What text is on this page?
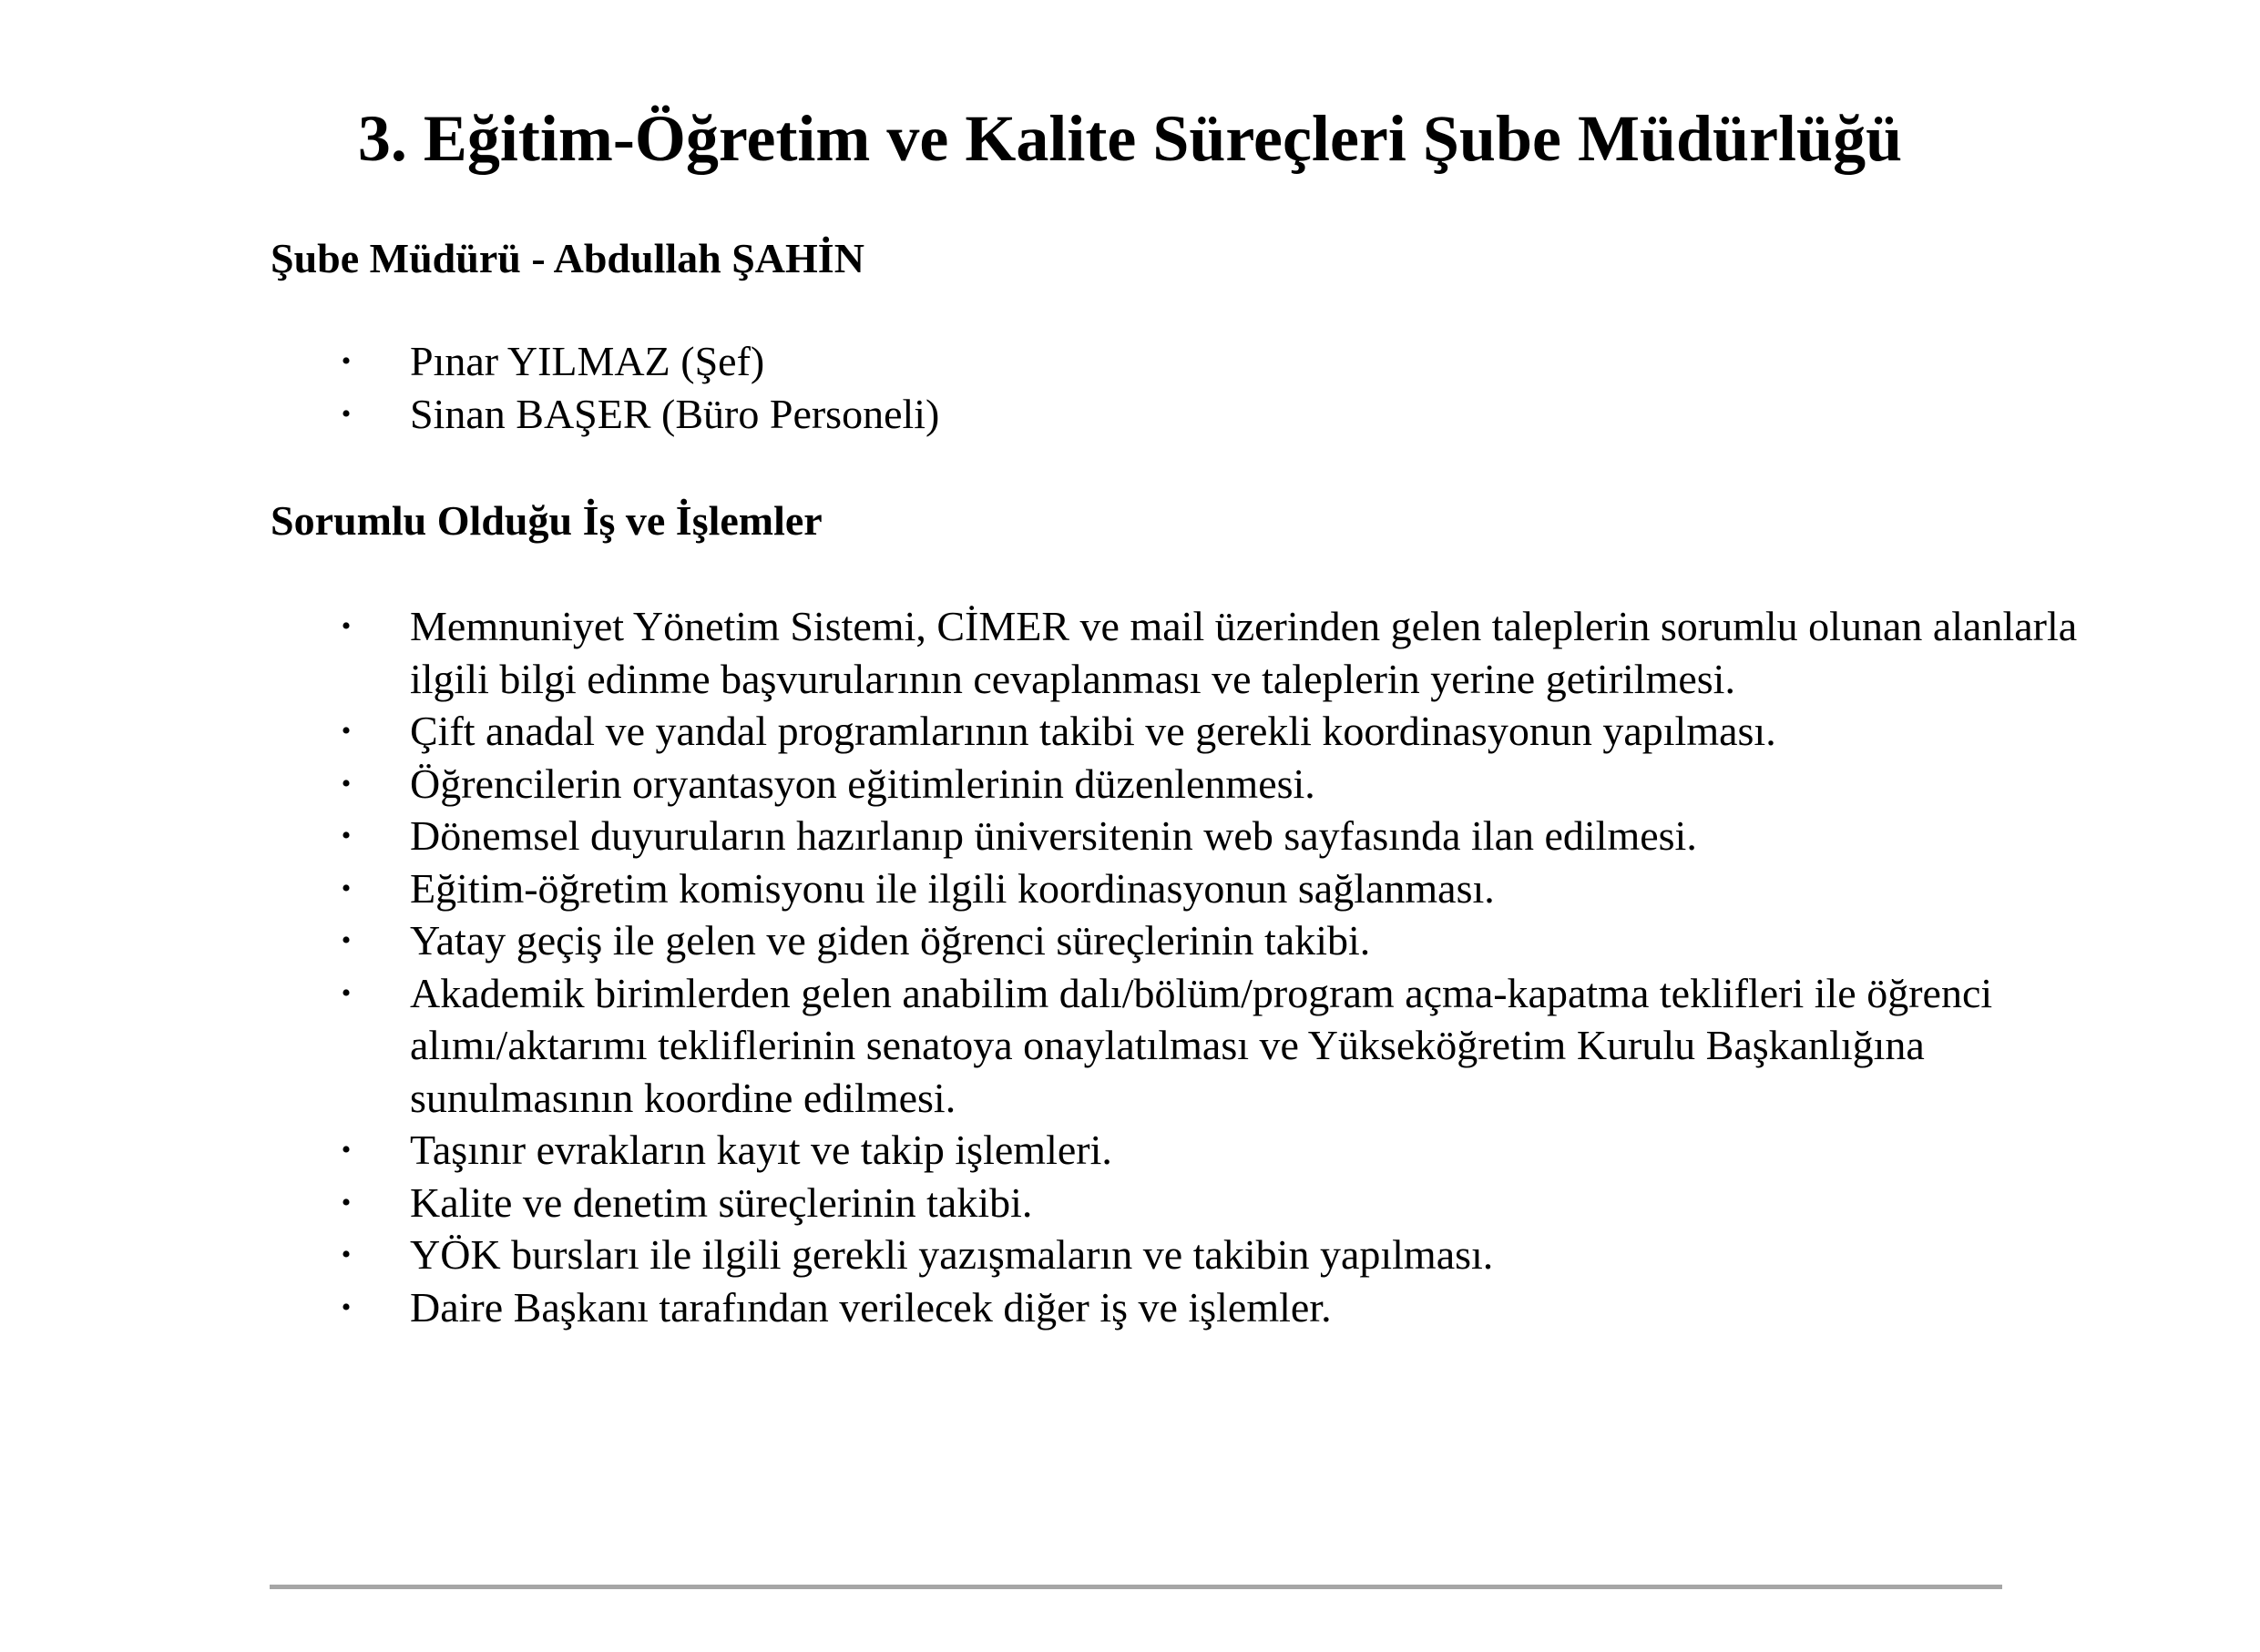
3. Eğitim-Öğretim ve Kalite Süreçleri Şube Müdürlüğü
Şube Müdürü - Abdullah ŞAHİN
• Pınar YILMAZ (Şef)
• Sinan BAŞER (Büro Personeli)
Sorumlu Olduğu İş ve İşlemler
• Memnuniyet Yönetim Sistemi, CİMER ve mail üzerinden gelen taleplerin sorumlu olunan alanlarla ilgili bilgi edinme başvurularının cevaplanması ve taleplerin yerine getirilmesi.
• Çift anadal ve yandal programlarının takibi ve gerekli koordinasyonun yapılması.
• Öğrencilerin oryantasyon eğitimlerinin düzenlenmesi.
• Dönemsel duyuruların hazırlanıp üniversitenin web sayfasında ilan edilmesi.
• Eğitim-öğretim komisyonu ile ilgili koordinasyonun sağlanması.
• Yatay geçiş ile gelen ve giden öğrenci süreçlerinin takibi.
• Akademik birimlerden gelen anabilim dalı/bölüm/program açma-kapatma teklifleri ile öğrenci alımı/aktarımı tekliflerinin senatoya onaylatılması ve Yükseköğretim Kurulu Başkanlığına sunulmasının koordine edilmesi.
• Taşınır evrakların kayıt ve takip işlemleri.
• Kalite ve denetim süreçlerinin takibi.
• YÖK bursları ile ilgili gerekli yazışmaların ve takibin yapılması.
• Daire Başkanı tarafından verilecek diğer iş ve işlemler.
